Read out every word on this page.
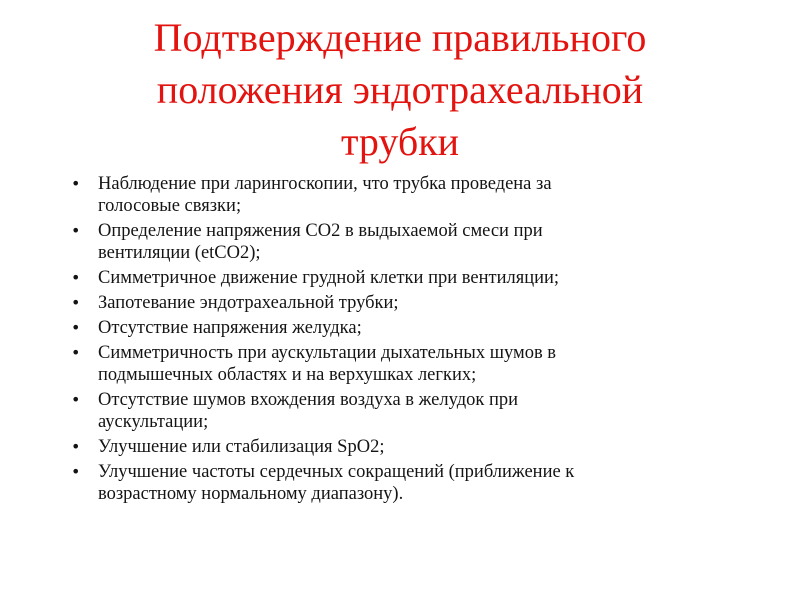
Подтверждение правильного
положения эндотрахеальной
трубки
• Наблюдение при ларингоскопии, что трубка проведена за
голосовые связки;
• Определение напряжения СО2 в выдыхаемой смеси при
вентиляции (etCO2);
• Симметричное движение грудной клетки при вентиляции;
• Запотевание эндотрахеальной трубки;
• Отсутствие напряжения желудка;
• Симметричность при аускультации дыхательных шумов в
подмышечных областях и на верхушках легких;
• Отсутствие шумов вхождения воздуха в желудок при
аускультации;
• Улучшение или стабилизация SpO2;
• Улучшение частоты сердечных сокращений (приближение к
возрастному нормальному диапазону).
